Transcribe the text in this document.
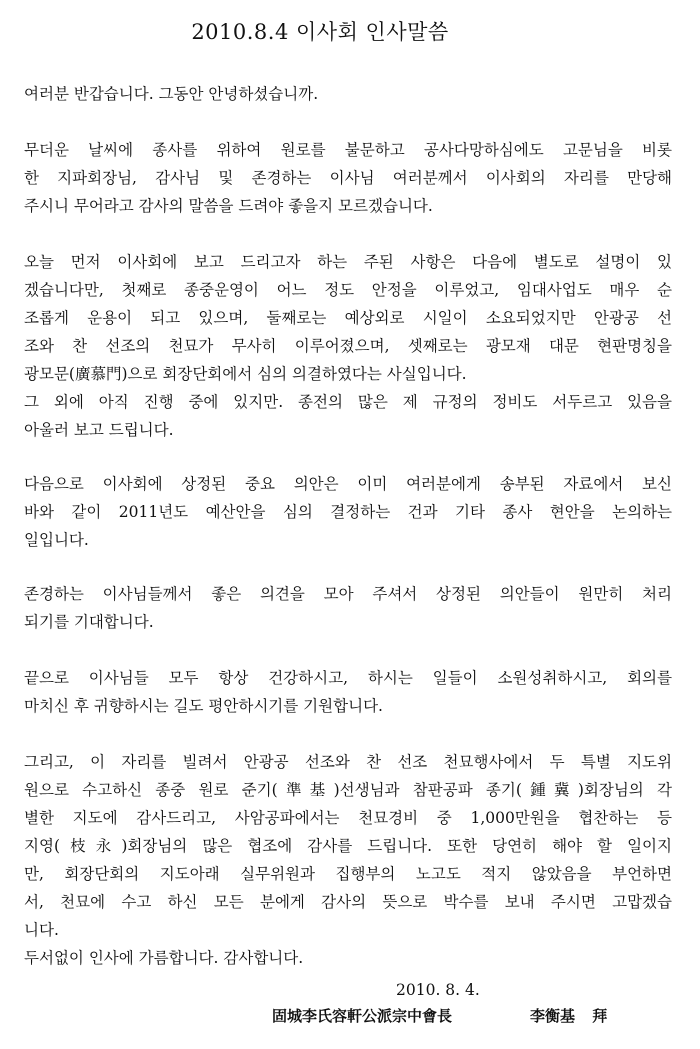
2010.8.4 이사회 인사말씀
여러분 반갑습니다. 그동안 안녕하셨습니까.
무더운 날씨에 종사를 위하여 원로를 불문하고 공사다망하심에도 고문님을 비롯
한 지파회장님, 감사님 및 존경하는 이사님 여러분께서 이사회의 자리를 만당해
주시니 무어라고 감사의 말씀을 드려야 좋을지 모르겠습니다.
오늘 먼저 이사회에 보고 드리고자 하는 주된 사항은 다음에 별도로 설명이 있
겠습니다만, 첫째로 종중운영이 어느 정도 안정을 이루었고, 임대사업도 매우 순
조롭게 운용이 되고 있으며, 둘째로는 예상외로 시일이 소요되었지만 안광공 선
조와 찬 선조의 천묘가 무사히 이루어졌으며, 셋째로는 광모재 대문 현판명칭을
광모문(廣慕門)으로 회장단회에서 심의 의결하였다는 사실입니다.
그 외에 아직 진행 중에 있지만. 종전의 많은 제 규정의 정비도 서두르고 있음을
아울러 보고 드립니다.
다음으로 이사회에 상정된 중요 의안은 이미 여러분에게 송부된 자료에서 보신
바와 같이 2011년도 예산안을 심의 결정하는 건과 기타 종사 현안을 논의하는
일입니다.
존경하는 이사님들께서 좋은 의견을 모아 주셔서 상정된 의안들이 원만히 처리
되기를 기대합니다.
끝으로 이사님들 모두 항상 건강하시고, 하시는 일들이 소원성취하시고, 회의를
마치신 후 귀향하시는 길도 평안하시기를 기원합니다.
그리고, 이 자리를 빌려서 안광공 선조와 찬 선조 천묘행사에서 두 특별 지도위
원으로 수고하신 종중 원로 준기(準基)선생님과 참판공파 종기(鍾冀)회장님의 각
별한 지도에 감사드리고, 사암공파에서는 천묘경비 중 1,000만원을 협찬하는 등
지영(枝永)회장님의 많은 협조에 감사를 드립니다. 또한 당연히 해야 할 일이지
만, 회장단회의 지도아래 실무위원과 집행부의 노고도 적지 않았음을 부언하면
서, 천묘에 수고 하신 모든 분에게 감사의 뜻으로 박수를 보내 주시면 고맙겠습
니다.
두서없이 인사에 가름합니다. 감사합니다.
2010. 8. 4.
固城李氏容軒公派宗中會長	李衡基 拜
